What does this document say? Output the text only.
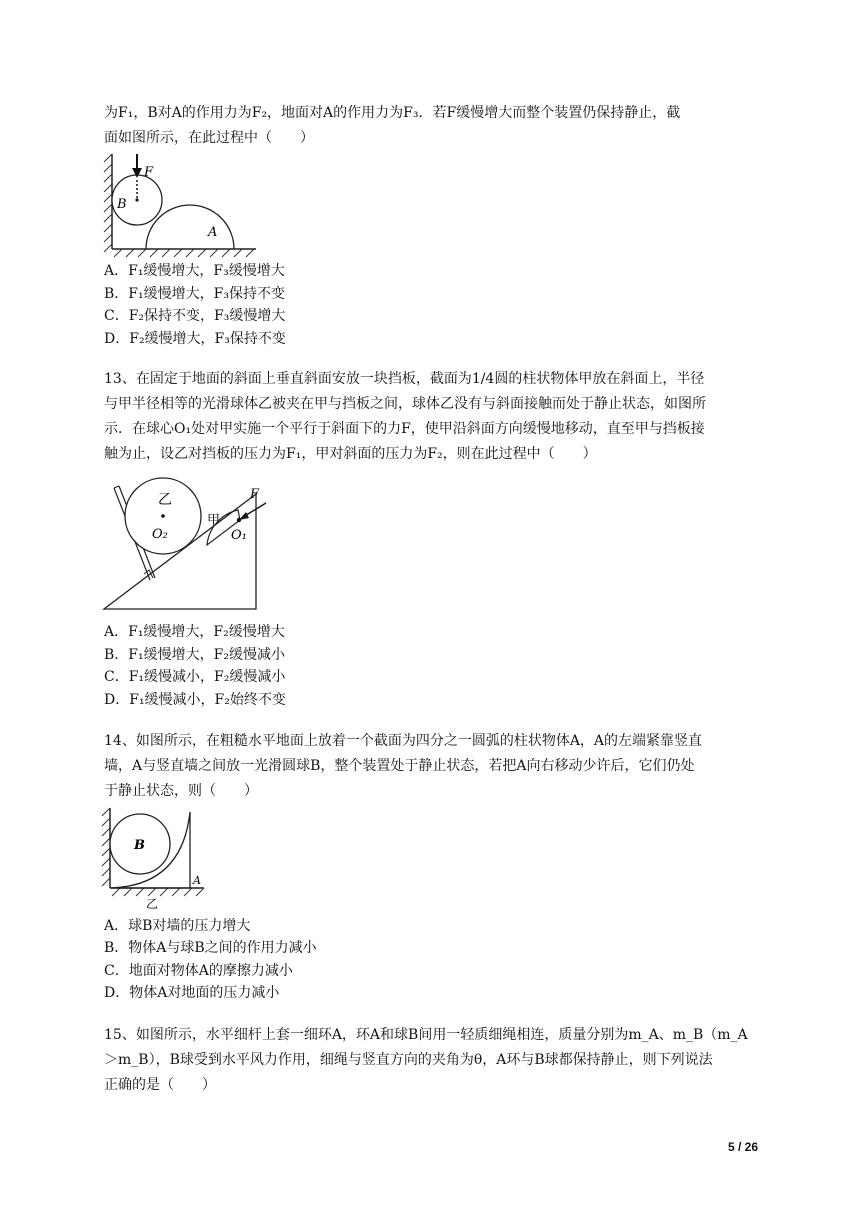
为F₁，B对A的作用力为F₂，地面对A的作用力为F₃．若F缓慢增大而整个装置仍保持静止，截

面如图所示，在此过程中（　　）

F
B
A

A．F₁缓慢增大，F₃缓慢增大

B．F₁缓慢增大，F₃保持不变

C．F₂保持不变，F₃缓慢增大

D．F₂缓慢增大，F₃保持不变

13、在固定于地面的斜面上垂直斜面安放一块挡板，截面为1/4圆的柱状物体甲放在斜面上，半径

与甲半径相等的光滑球体乙被夹在甲与挡板之间，球体乙没有与斜面接触而处于静止状态，如图所

示．在球心O₁处对甲实施一个平行于斜面下的力F，使甲沿斜面方向缓慢地移动，直至甲与挡板接

触为止，设乙对挡板的压力为F₁，甲对斜面的压力为F₂，则在此过程中（　　）

乙
O₂
甲
O₁
F

A．F₁缓慢增大，F₂缓慢增大

B．F₁缓慢增大，F₂缓慢减小

C．F₁缓慢减小，F₂缓慢减小

D．F₁缓慢减小，F₂始终不变

14、如图所示，在粗糙水平地面上放着一个截面为四分之一圆弧的柱状物体A，A的左端紧靠竖直

墙，A与竖直墙之间放一光滑圆球B，整个装置处于静止状态，若把A向右移动少许后，它们仍处

于静止状态，则（　　）

B
A
乙

A．球B对墙的压力增大

B．物体A与球B之间的作用力减小

C．地面对物体A的摩擦力减小

D．物体A对地面的压力减小

15、如图所示，水平细杆上套一细环A，环A和球B间用一轻质细绳相连，质量分别为m_A、m_B（m_A

＞m_B），B球受到水平风力作用，细绳与竖直方向的夹角为θ，A环与B球都保持静止，则下列说法

正确的是（　　）

5 / 26
